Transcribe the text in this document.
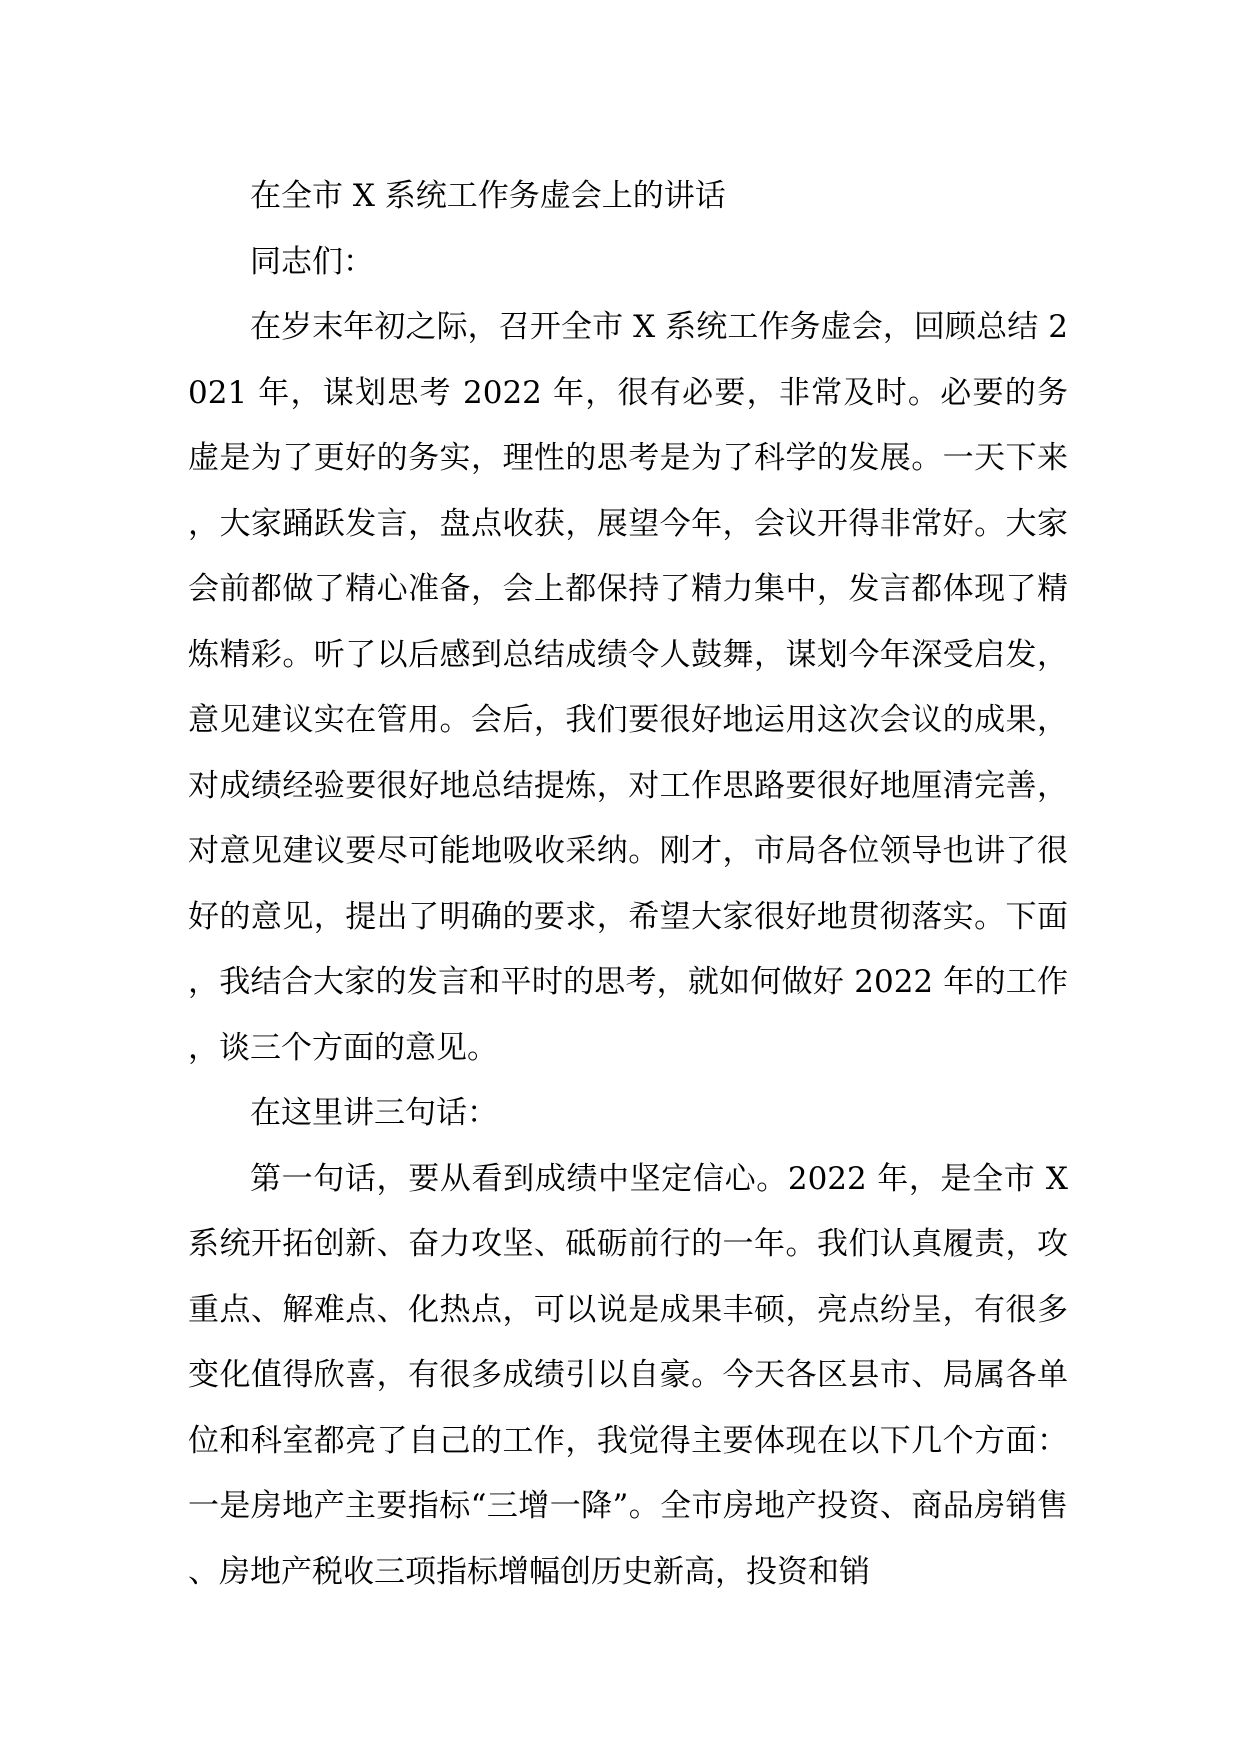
在全市 X 系统工作务虚会上的讲话

同志们：

在岁末年初之际，召开全市 X 系统工作务虚会，回顾总结 2021 年，谋划思考 2022 年，很有必要，非常及时。必要的务虚是为了更好的务实，理性的思考是为了科学的发展。一天下来，大家踊跃发言，盘点收获，展望今年，会议开得非常好。大家会前都做了精心准备，会上都保持了精力集中，发言都体现了精炼精彩。听了以后感到总结成绩令人鼓舞，谋划今年深受启发，意见建议实在管用。会后，我们要很好地运用这次会议的成果，对成绩经验要很好地总结提炼，对工作思路要很好地厘清完善，对意见建议要尽可能地吸收采纳。刚才，市局各位领导也讲了很好的意见，提出了明确的要求，希望大家很好地贯彻落实。下面，我结合大家的发言和平时的思考，就如何做好 2022 年的工作，谈三个方面的意见。

在这里讲三句话：

第一句话，要从看到成绩中坚定信心。2022 年，是全市 X 系统开拓创新、奋力攻坚、砥砺前行的一年。我们认真履责，攻重点、解难点、化热点，可以说是成果丰硕，亮点纷呈，有很多变化值得欣喜，有很多成绩引以自豪。今天各区县市、局属各单位和科室都亮了自己的工作，我觉得主要体现在以下几个方面：一是房地产主要指标“三增一降”。全市房地产投资、商品房销售、房地产税收三项指标增幅创历史新高，投资和销
